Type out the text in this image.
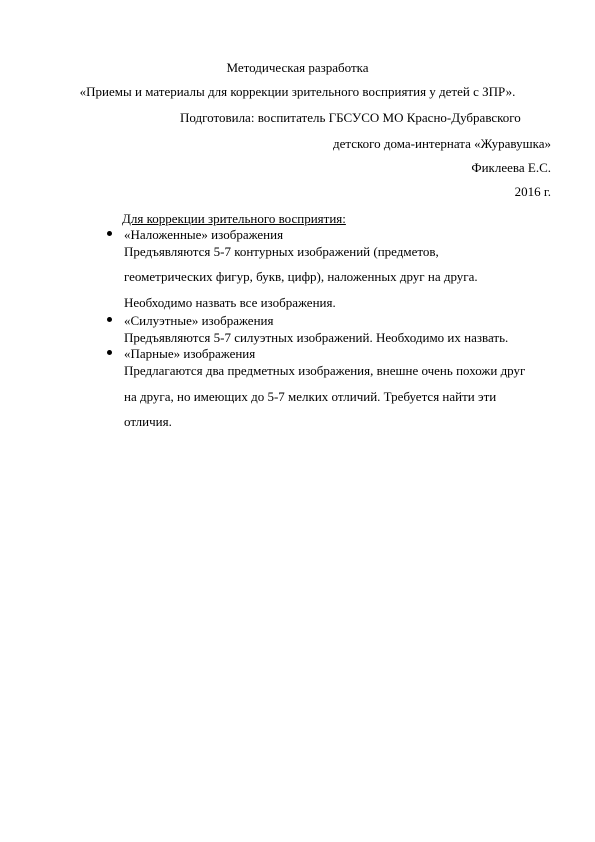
Методическая разработка
«Приемы и материалы для коррекции зрительного восприятия у детей с ЗПР».
Подготовила: воспитатель ГБСУСО МО Красно-Дубравского
детского дома-интерната «Журавушка»
Фиклеева Е.С.
2016 г.
Для коррекции зрительного восприятия:
«Наложенные» изображения
Предъявляются 5-7 контурных изображений (предметов,
геометрических фигур, букв, цифр), наложенных друг на друга.
Необходимо назвать все изображения.
«Силуэтные» изображения
Предъявляются 5-7 силуэтных изображений. Необходимо их назвать.
«Парные» изображения
Предлагаются два предметных изображения, внешне очень похожи друг
на друга, но имеющих до 5-7 мелких отличий. Требуется найти эти
отличия.
